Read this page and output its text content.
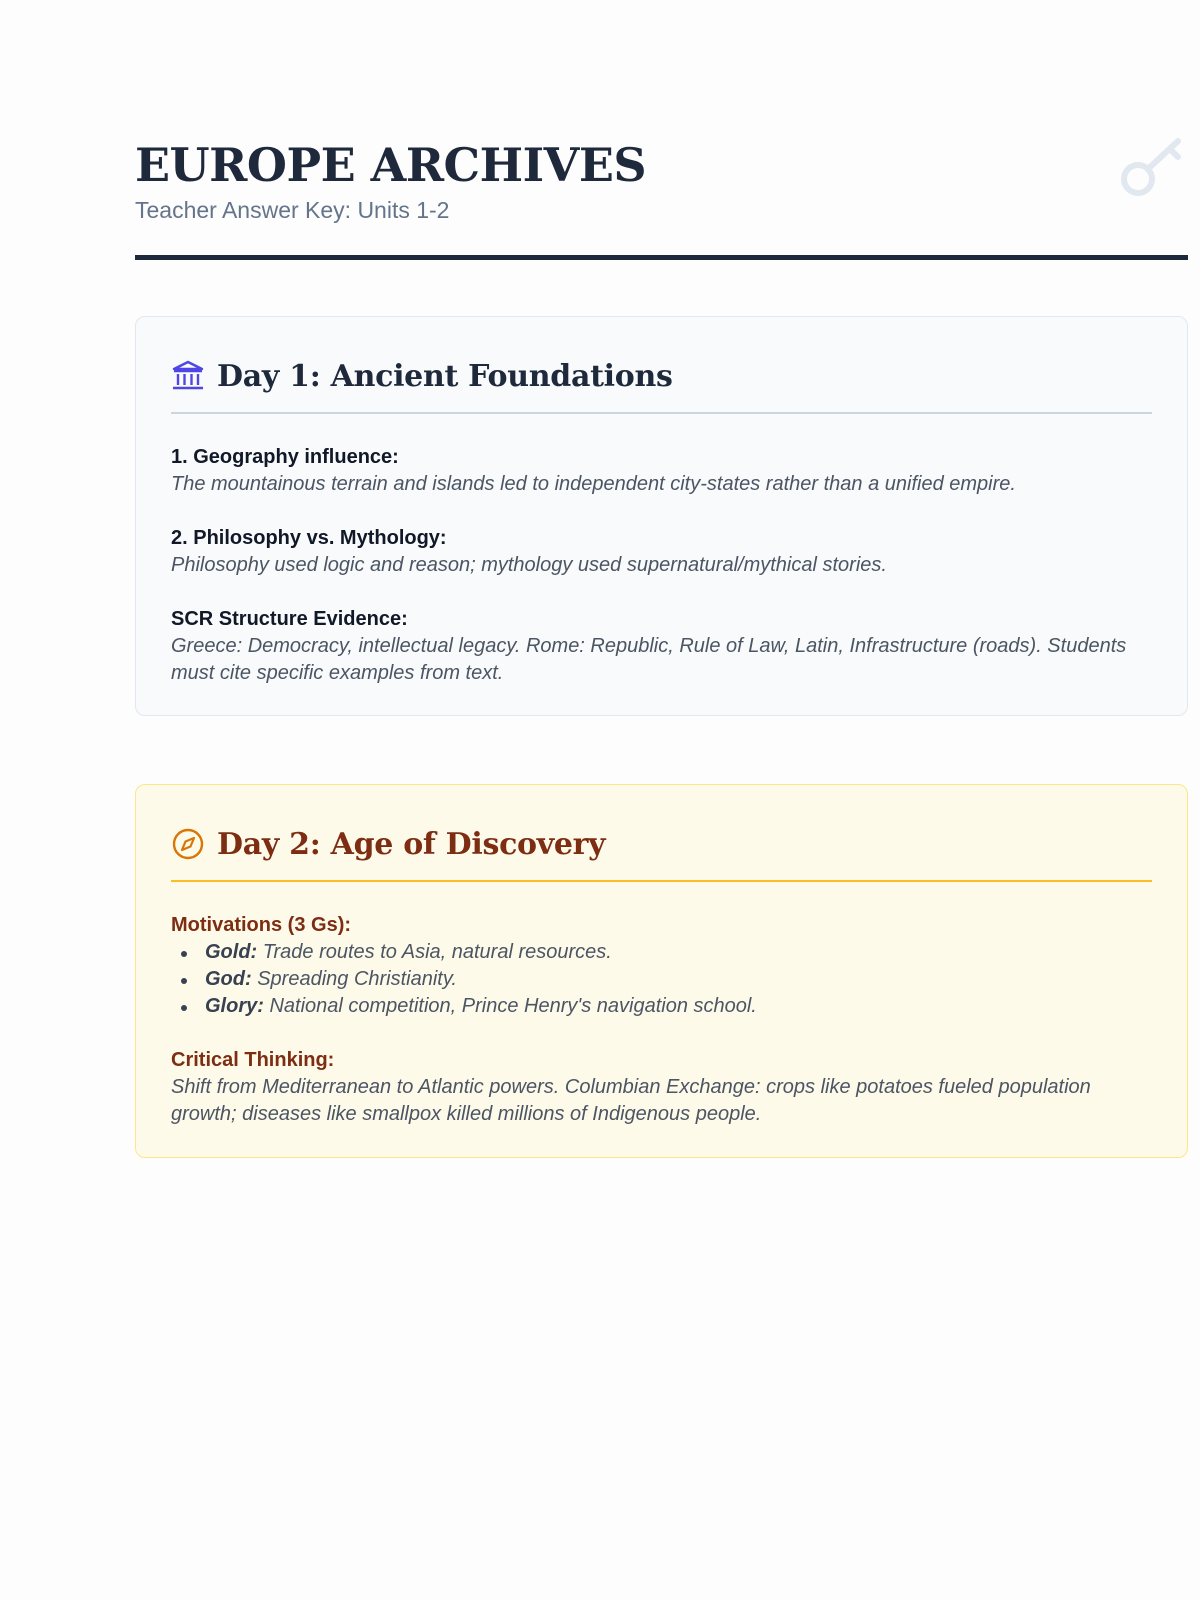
EUROPE ARCHIVES
Teacher Answer Key: Units 1-2
Day 1: Ancient Foundations
1. Geography influence:
The mountainous terrain and islands led to independent city-states rather than a unified empire.
2. Philosophy vs. Mythology:
Philosophy used logic and reason; mythology used supernatural/mythical stories.
SCR Structure Evidence:
Greece: Democracy, intellectual legacy. Rome: Republic, Rule of Law, Latin, Infrastructure (roads). Students must cite specific examples from text.
Day 2: Age of Discovery
Motivations (3 Gs):
Gold: Trade routes to Asia, natural resources.
God: Spreading Christianity.
Glory: National competition, Prince Henry's navigation school.
Critical Thinking:
Shift from Mediterranean to Atlantic powers. Columbian Exchange: crops like potatoes fueled population growth; diseases like smallpox killed millions of Indigenous people.
